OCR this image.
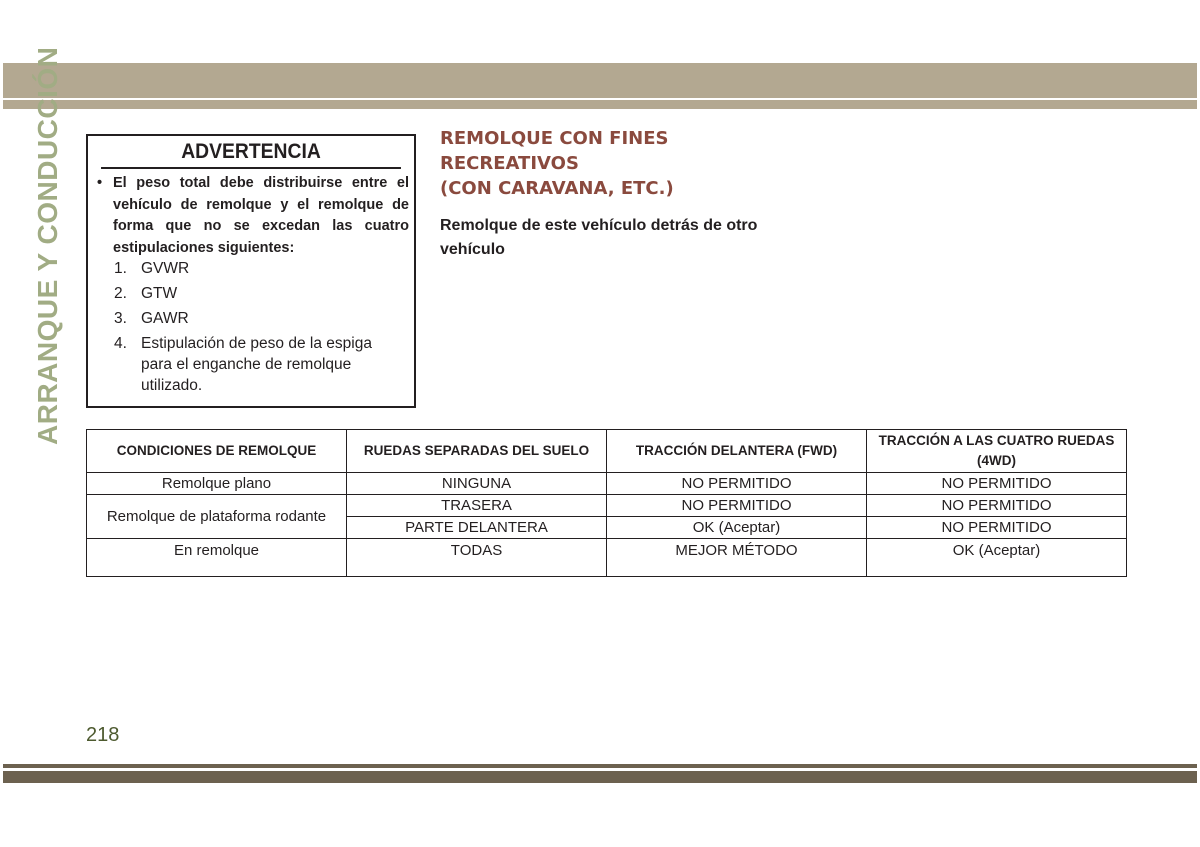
ARRANQUE Y CONDUCCIÓN	ADVERTENCIA
• El peso total debe distribuirse entre el vehículo de remolque y el remolque de forma que no se excedan las cuatro estipulaciones siguientes:
1. GVWR
2. GTW
3. GAWR
4. Estipulación de peso de la espiga para el enganche de remolque utilizado.
REMOLQUE CON FINES
RECREATIVOS
(CON CARAVANA, ETC.)
Remolque de este vehículo detrás de otro vehículo
CONDICIONES DE REMOLQUE	RUEDAS SEPARADAS DEL SUELO	TRACCIÓN DELANTERA (FWD)	TRACCIÓN A LAS CUATRO RUEDAS (4WD)
Remolque plano	NINGUNA	NO PERMITIDO	NO PERMITIDO
Remolque de plataforma rodante	TRASERA	NO PERMITIDO	NO PERMITIDO
	PARTE DELANTERA	OK (Aceptar)	NO PERMITIDO
En remolque	TODAS	MEJOR MÉTODO	OK (Aceptar)
218
